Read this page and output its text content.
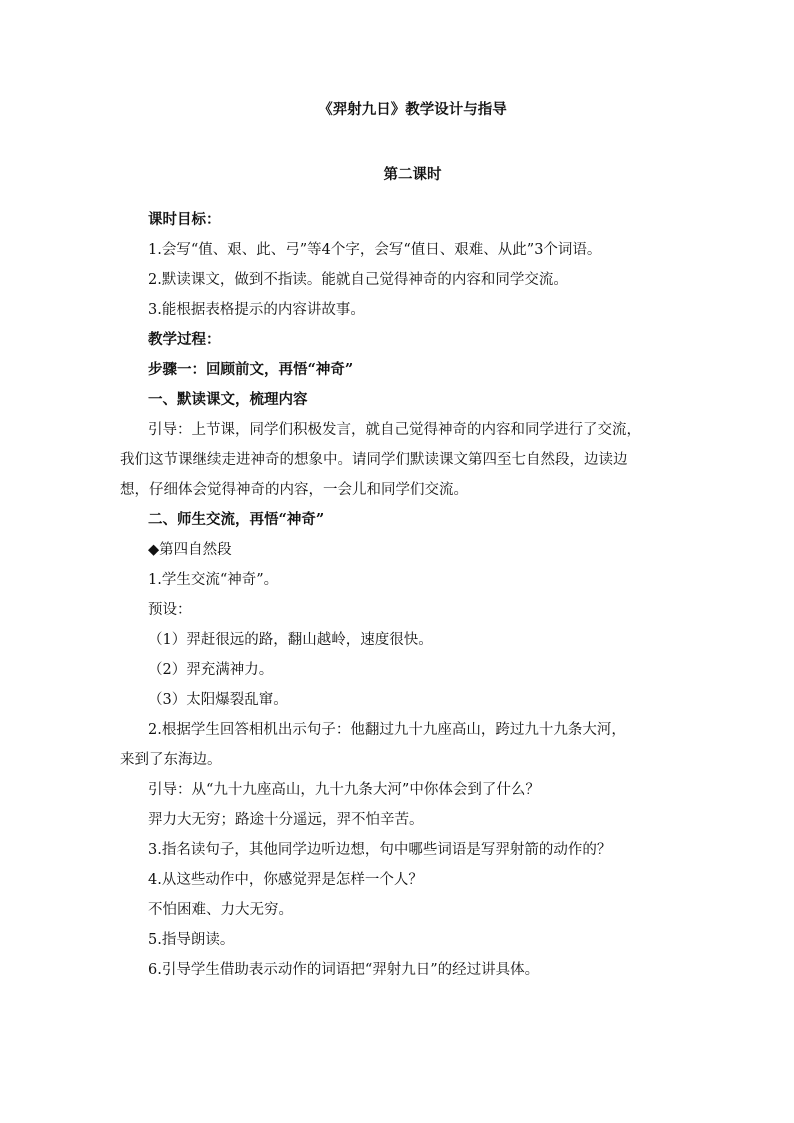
《羿射九日》教学设计与指导

第二课时

课时目标：

1.会写“值、艰、此、弓”等4个字，会写“值日、艰难、从此”3个词语。

2.默读课文，做到不指读。能就自己觉得神奇的内容和同学交流。

3.能根据表格提示的内容讲故事。

教学过程：

步骤一：回顾前文，再悟“神奇”

一、默读课文，梳理内容

引导：上节课，同学们积极发言，就自己觉得神奇的内容和同学进行了交流，

我们这节课继续走进神奇的想象中。请同学们默读课文第四至七自然段，边读边

想，仔细体会觉得神奇的内容，一会儿和同学们交流。

二、师生交流，再悟“神奇”

◆第四自然段

1.学生交流“神奇”。

预设：

（1）羿赶很远的路，翻山越岭，速度很快。

（2）羿充满神力。

（3）太阳爆裂乱窜。

2.根据学生回答相机出示句子：他翻过九十九座高山，跨过九十九条大河，

来到了东海边。

引导：从“九十九座高山，九十九条大河”中你体会到了什么？

羿力大无穷；路途十分遥远，羿不怕辛苦。

3.指名读句子，其他同学边听边想，句中哪些词语是写羿射箭的动作的？

4.从这些动作中，你感觉羿是怎样一个人？

不怕困难、力大无穷。

5.指导朗读。

6.引导学生借助表示动作的词语把“羿射九日”的经过讲具体。
